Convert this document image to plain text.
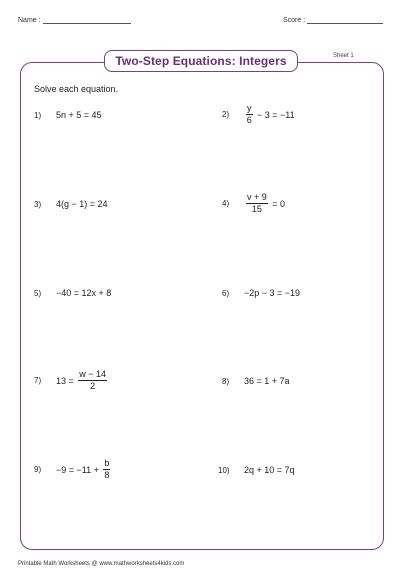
Name :	Score :
Two-Step Equations: Integers	Sheet 1
Solve each equation.
1)	5n + 5 = 45	2)	$\frac{y}{6} - 3 = -11$
3)	4(g − 1) = 24	4)	$\frac{v + 9}{15} = 0$
5)	−40 = 12x + 8	6)	−2p − 3 = −19
7)	$13 = \frac{w - 14}{2}$	8)	36 = 1 + 7a
9)	$-9 = -11 + \frac{b}{8}$	10)	2q + 10 = 7q
Printable Math Worksheets @ www.mathworksheets4kids.com
